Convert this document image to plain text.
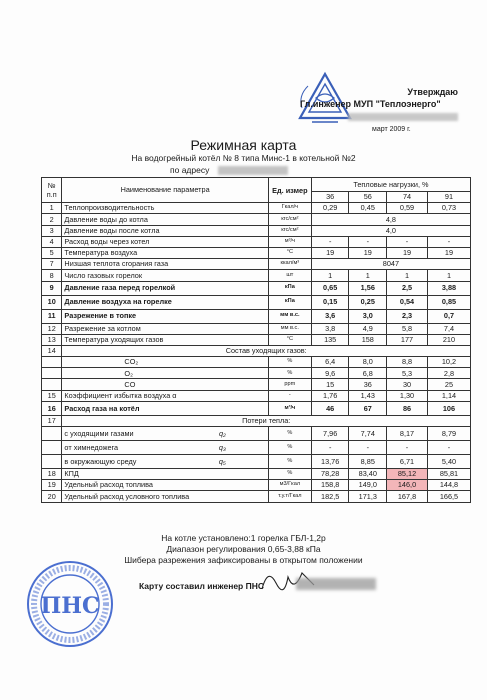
Утверждаю
Гл.инженер МУП "Теплоэнерго"
март 2009 г.
Режимная карта
На водогрейный котёл № 8 типа Минс-1 в котельной №2
по адресу
№ п.п	Наименование параметра	Ед. измер	Тепловые нагрузки, %			
			36	56	74	91
1	Теплопроизводительность	Гкал/ч	0,29	0,45	0,59	0,73
2	Давление воды до котла	кгс/см²	4,8			
3	Давление воды после котла	кгс/см²	4,0			
4	Расход воды через котел	м³/ч	-	-	-	-
5	Температура воздуха	°С	19	19	19	19
7	Низшая теплота сгорания газа	ккал/м³	8047			
8	Число газовых горелок	шт	1	1	1	1
9	Давление газа перед горелкой	кПа	0,65	1,56	2,5	3,88
10	Давление воздуха на горелке	кПа	0,15	0,25	0,54	0,85
11	Разрежение в топке	мм в.с.	3,6	3,0	2,3	0,7
12	Разрежение за котлом	мм в.с.	3,8	4,9	5,8	7,4
13	Температура уходящих газов	°С	135	158	177	210
14	Состав уходящих газов:					
	CO₂	%	6,4	8,0	8,8	10,2
	O₂	%	9,6	6,8	5,3	2,8
	CO	ppm	15	36	30	25
15	Коэффициент избытка воздуха α	-	1,76	1,43	1,30	1,14
16	Расход газа на котёл	м³/ч	46	67	86	106
17	Потери тепла:					
	с уходящими газами q₂	%	7,96	7,74	8,17	8,79
	от химнедожега q₃	%	-	-	-	-
	в окружающую среду q₅	%	13,76	8,85	6,71	5,40
18	КПД	%	78,28	83,40	85,12	85,81
19	Удельный расход топлива	м3/Гкал	158,8	149,0	146,0	144,8
20	Удельный расход условного топлива	т.у.т/Гкал	182,5	171,3	167,8	166,5
На котле установлено:1 горелка ГБЛ-1,2р
Диапазон регулирования 0,65-3,88 кПа
Шибера разрежения зафиксированы в открытом положении
Карту составил инженер ПНС
ПНС
